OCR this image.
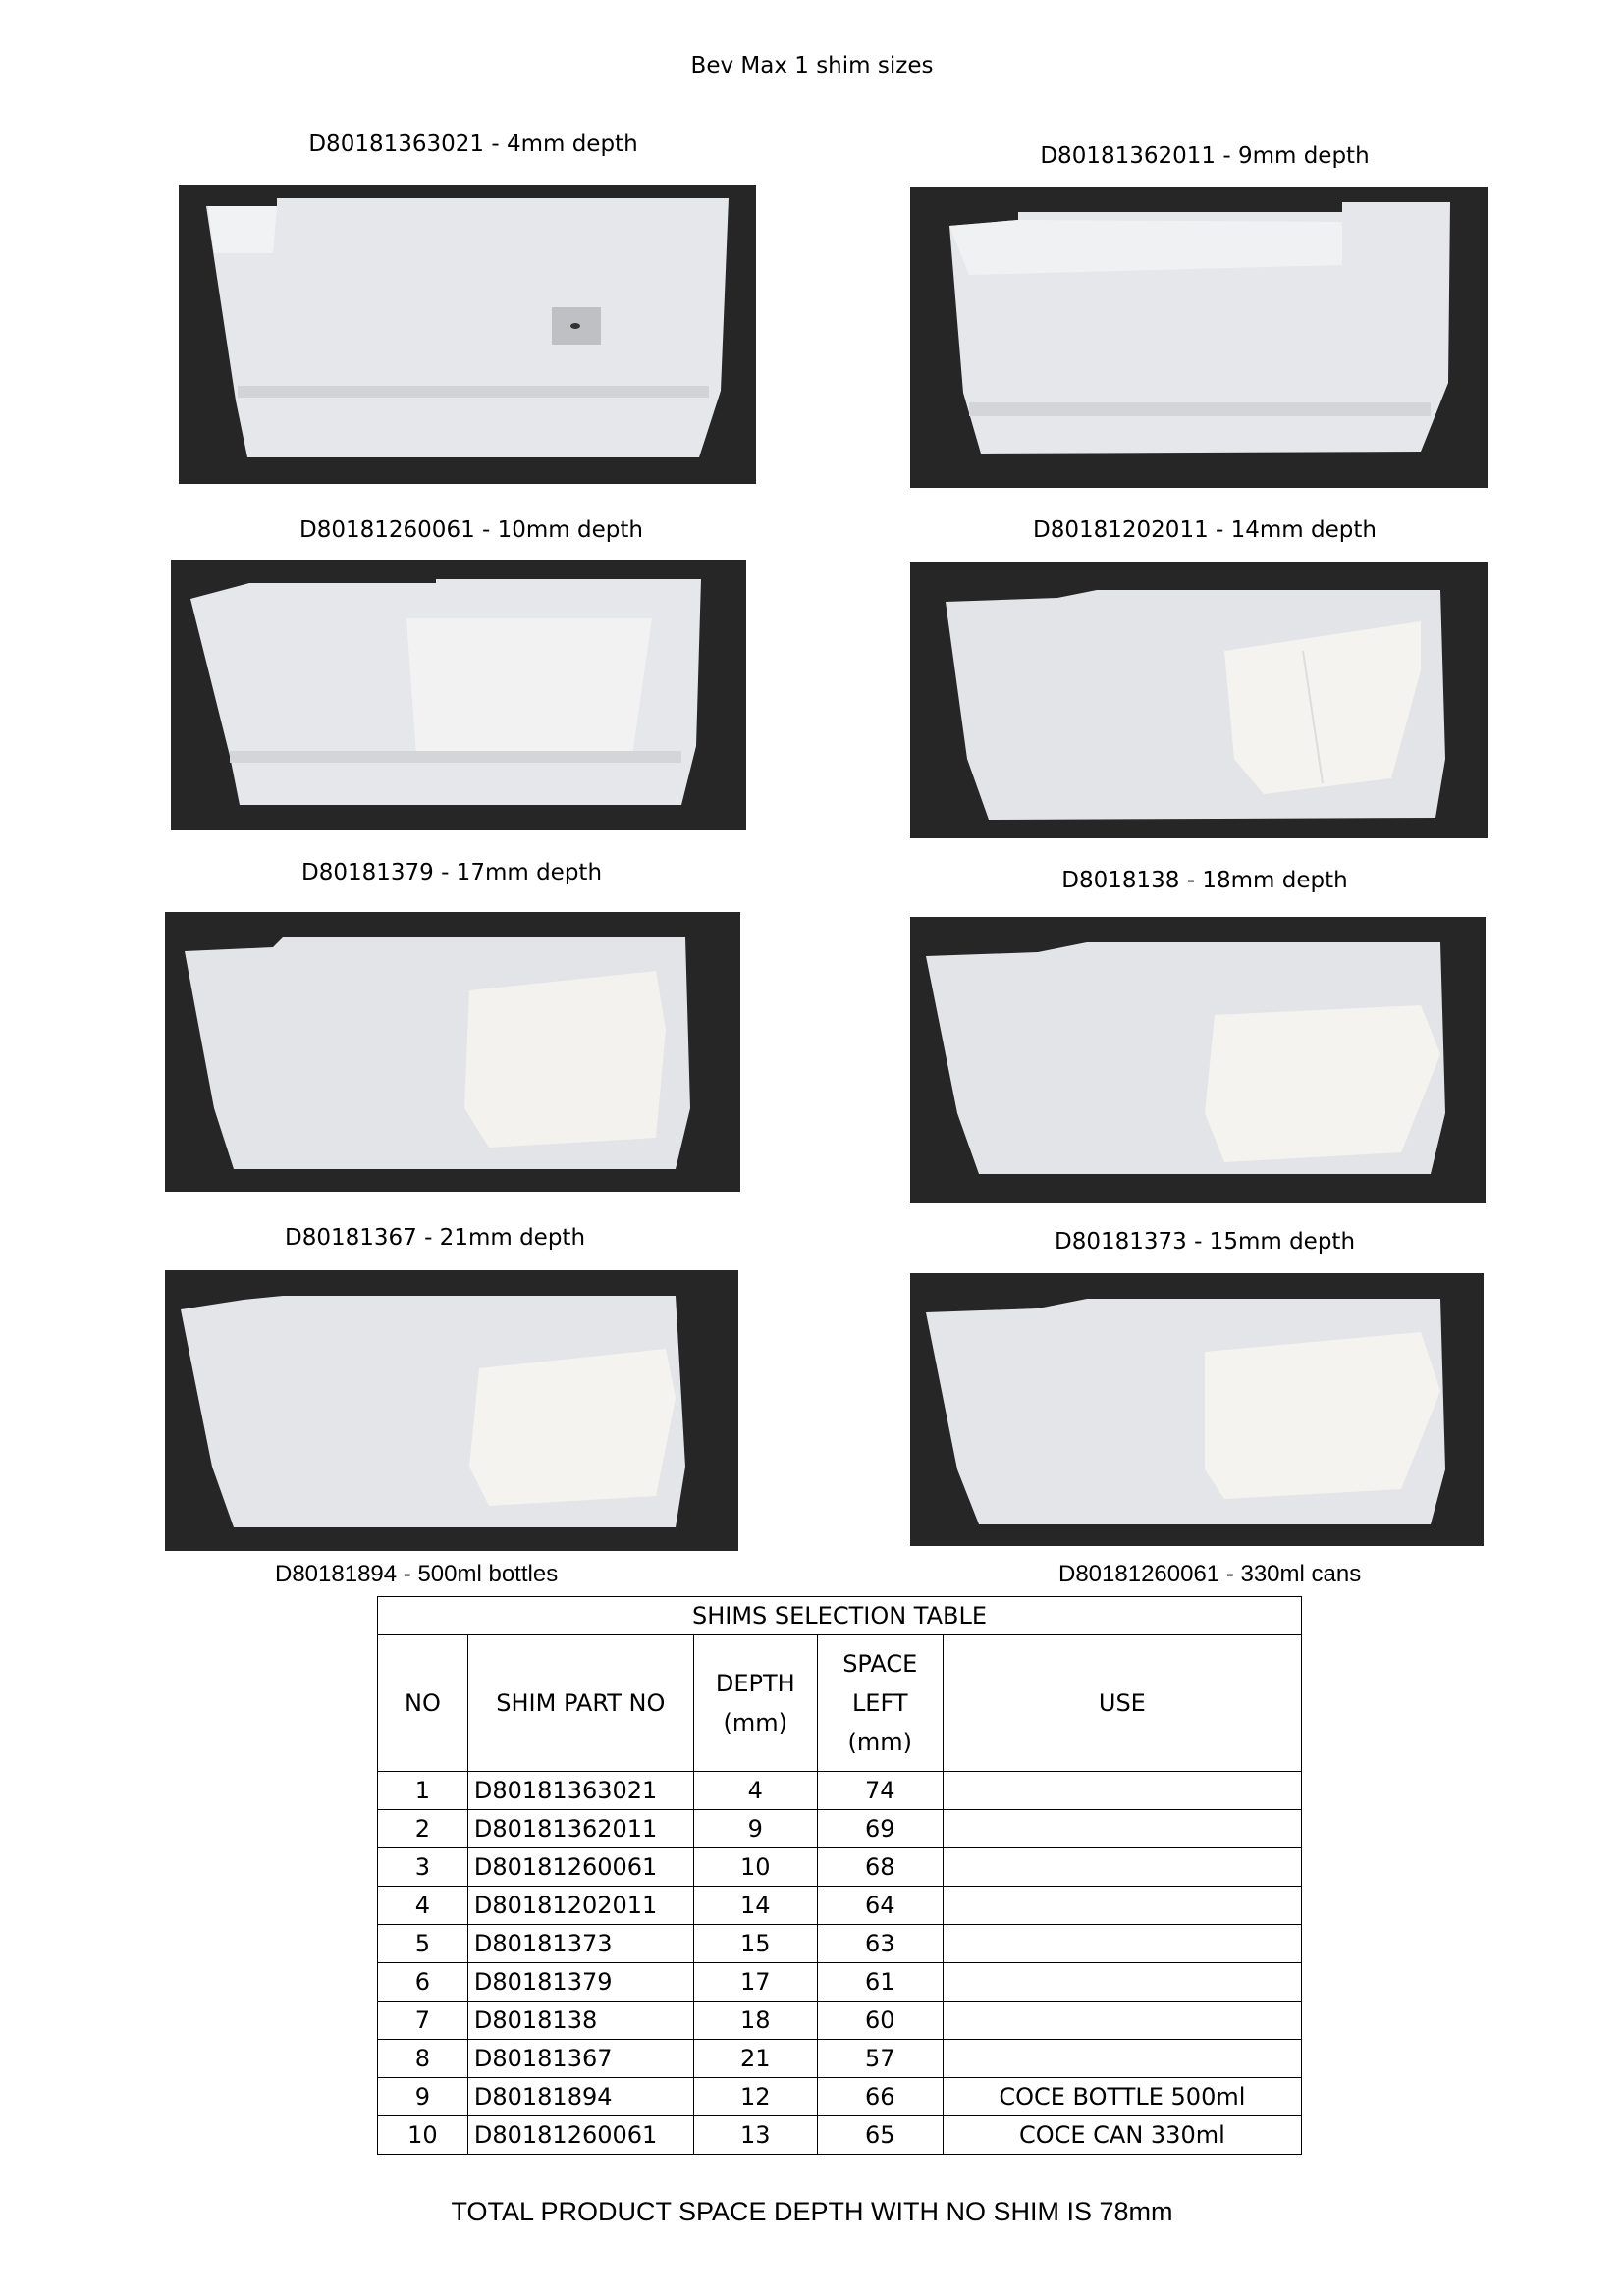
Bev Max 1 shim sizes
D80181363021 - 4mm depth	D80181362011 - 9mm depth
D80181260061 - 10mm depth	D80181202011 - 14mm depth
D80181379 - 17mm depth	D8018138 - 18mm depth
D80181367 - 21mm depth	D80181373 - 15mm depth
D80181894 - 500ml bottles	D80181260061 - 330ml cans
SHIMS SELECTION TABLE				
NO	SHIM PART NO	DEPTH (mm)	SPACE LEFT (mm)	USE
1	D80181363021	4	74	
2	D80181362011	9	69	
3	D80181260061	10	68	
4	D80181202011	14	64	
5	D80181373	15	63	
6	D80181379	17	61	
7	D8018138	18	60	
8	D80181367	21	57	
9	D80181894	12	66	COCE BOTTLE 500ml
10	D80181260061	13	65	COCE CAN 330ml
TOTAL PRODUCT SPACE DEPTH WITH NO SHIM IS 78mm
